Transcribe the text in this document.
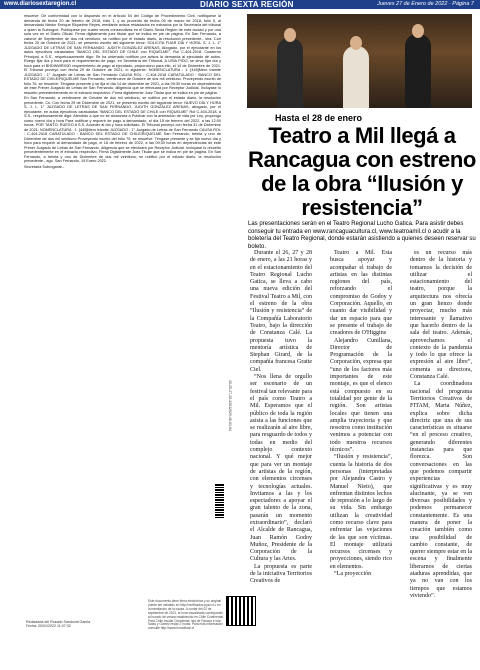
www.diariosextaregion.cl	DIARIO SEXTA REGIÓN	Jueves 27 de Enero de 2022 · Página 7

resuelve: De conformidad con lo dispuesto en el artículo 54 del Código de Procedimiento Civil, notifíquese la demanda de fecha 20 de febrero de 2018, folio 1, y su proveído de fecha 05 de marzo de 2018, folio 5, al demandado Néstor Enrique Riquelme Reyes, mediante avisos redactados en extractos por la Secretaría del tribunal o quien la Subrogue. Publíquese por cuatro veces consecutivas en el Diario Sexta Región de esta ciudad y por una sola vez en el Diario Oficial. Firma digitalmente juez titular que se indica en pie de página. En San Fernando, a catorce de Septiembre de dos mil veintiuno, se notificó por el estado diario, la resolución precedente.- sha. Con fecha 25 de Octubre de 2021, se presentó escrito del siguiente tenor: SOLICITA FIJAR DÍA Y HORA. S. J. L. 1° JUZGADO DE LETRAS DE SAN FERNANDO. JUDITH GONZÁLEZ ARENAS, Abogado, por el ejecutante en los autos ejecutivos caratulados "BANCO DEL ESTADO DE CHILE con RIQUELME", Rol C-404-2018, Cuaderno Principal, a S.S., respetuosamente digo: Se ha ordenado notificar por avisos la demanda al ejecutado de autos. Ruego fijar día y hora para el requerimiento de pago, en Secretaría del Tribunal. A USÍA PIDO, se sirva fijar día y hora para el BHDWWRX0D requerimiento de pago al ejecutado, proporciono para ello, el 14 de Diciembre de 2021. El Tribunal proveyó con fecha 29 de Octubre de 2021, lo siguiente: NOMENCLATURA : 1. [445]Mero trámite JUZGADO : 1° Juzgado de Letras de San Fernando CAUSA ROL : C-404-2018 CARATULADO : BANCO DEL ESTADO DE CHILE/RIQUELME San Fernando, veintinueve de Octubre de dos mil veintiuno. Proveyendo escrito de folio 76, se resuelve: Téngase presente y se fija el día 14 de diciembre de 2021, a las 09:30 horas en dependencias de este Primer Juzgado de Letras de San Fernando, diligencia que se efectuará por Receptor Judicial. Inclúyase lo resuelto precedentemente en el extracto respectivo. Firma digitalmente Juez Titular que se indica en pie de página.

En San Fernando, a veintinueve de Octubre de dos mil veintiuno, se notificó por el estado diario, la resolución precedente. Cs. Con fecha 29 de Diciembre de 2021, se presentó escrito del siguiente tenor: NUEVO DÍA Y HORA S. J. L. 1° JUZGADO DE LETRAS DE SAN FERNANDO. JUDITH GONZÁLEZ ARENAS, abogado, por el ejecutante, en autos ejecutivos caratulados "BANCO DEL ESTADO DE CHILE con RIQUELME" Rol C-404-2018, a S.S., respetuosamente digo: Atendido a que no se alcanzara a Publicar con la antelación de vida por Ley, propongo como nuevo día y hora Para notificar y requerir de pago a demandado, el día 15 de febrero del 2022, a las 12:00 horas. POR TANTO: RUEGO A S.S. Acceder al día y hora solicitado. El Tribunal proveyó con fecha 31 de Diciembre de 2021: NOMENCLATURA : 1. [445]Mero trámite JUZGADO : 1° Juzgado de Letras de San Fernando CAUSA ROL : C-404-2018 CARATULADO : BANCO DEL ESTADO DE CHILE/RIQUELME San Fernando, treinta y uno de Diciembre de dos mil veintiuno Proveyendo escrito del folio 79, se resuelve: Téngase presente y se fija nuevo día y hora para requerir al demandado de pago, el 18 de febrero de 2022, a las 09:30 horas en dependencias de este Primer Juzgado de Letras de San Fernando, diligencia que se efectuará por Receptor Judicial. Inclúyase lo resuelto precedentemente en el extracto respectivo. Firma Digitalmente Juez Titular que se indica en pie de página. En San Fernando, a treinta y uno de Diciembre de dos mil veintiuno, se notificó por el estado diario, la resolución precedente.- ago. San Fernando, 19 Enero 2022.

Secretaria Subrogante.-

15-25-27-20-22012029-40-01-04
Redactada del Rosario Sandoval Garcia
Fecha: 20/01/2022 11:07:32
Este documento tiene firma electrónica y su original puede ser validado en http://verificadoc.pjud.cl o en la tramitación de la causa. A contar del 02 de septiembre de 2021, la hora visualizada corresponde al horario de verano establecido en Chile Continental. Para Chile Insular Occidental, Isla de Pascua e Isla Salas y Gómez restar 2 horas. Para más información consulte http://www.horaoficial.cl
Hasta el 28 de enero
Teatro a Mil llegá a Rancagua con estreno de la obra “Ilusión y resistencia”
Las presentaciones serán en el Teatro Regional Lucho Gatica. Para asistir debes conseguir tu entrada en www.rancaguacultura.cl, www.teatroamil.cl o acudir a la boletería del Teatro Regional, donde estarán asistiendo a quienes deseen reservar su boleto.

Durante el 26, 27 y 28 de enero, a las 21 horas y en el estacionamiento del Teatro Regional Lucho Gatica, se lleva a cabo una nueva edición del Festival Teatro a Mil, con el estreno de la obra “Ilusión y resistencia” de la Compañía Laboratorio Teatro, bajo la dirección de Constanza Calé. La propuesta tuvo la mentoría artística de Stephan Girard, de la compañía francesa Gratte Ciel.

“Nos llena de orgullo ser escenario de un festival tan relevante para el país como Teatro a Mil. Esperamos que el público de toda la región asista a las funciones que se realizarán al aire libre, para resguardo de todos y todas en medio del complejo contexto nacional. Y qué mejor que para ver un montaje de artistas de la región, con elementos circenses y tecnologías actuales. Invitamos a las y los espectadores a apoyar el gran talento de la zona, pasarán un momento extraordinario”, declaró el Alcalde de Rancagua, Juan Ramón Godoy Muñoz, Presidente de la Corporación de la Cultura y las Artes.

La propuesta es parte de la iniciativa Territorios Creativos de

Teatro a Mil. Esta busca apoyar y acompañar el trabajo de artistas en las distintas regiones del país, reforzando el compromiso de Godoy y Corporación. Aquello, en cuanto dar visibilidad y dar un espacio para que se presente el trabajo de creadores de O'Higgins

Alejandro Cunillana, Director de Programación de la Corporación, expresa que “uno de los factores más importantes de este montaje, es que el elenco está compuesto en su totalidad por gente de la región. Son artistas locales que tienen una amplia trayectoria y que nosotros como institución venimos a potenciar con todo nuestros recursos técnicos”.

“Ilusión y resistencia”, cuenta la historia de dos personas (interpretadas por Alejandra Castro y Manuel Nieto), que enfrentan distintos lechos de represión a lo largo de su vida. Sin embargo utilizan la creatividad como recurso clave para enfrentar las vejaciones de las que son víctimas. El montaje utilizará recursos circenses y proyecciones, siendo rico en elementos.

“La proyección

es un recurso más dentro de la historia y tomamos la decisión de utilizar el estacionamiento del teatro, porque la arquitectura nos ofrecía un gran lienzo donde proyectar, mucho más interesante y llamativo que hacerlo dentro de la sala del teatro. Además, aprovechamos el contexto de la pandemia y todo lo que ofrece la expresión al aire libre”, comenta su directora, Constanza Calé.

La coordinadora nacional del programa Territorios Creativos de FITAM, Marta Núñez, explica sobre dicha directriz que una de sus características es situarse “en el proceso creativo, generando diferentes instancias para que florezca. Son conversaciones en las que podemos compartir experiencias significativas y es muy alucinante, ya se ven diversas posibilidades y podemos permanecer constantemente. Es una manera de poner la creación también como una posibilidad de cambio constante, de querer siempre estar en la escena y finalmente liberarnos de ciertas ataduras aprendidas, que ya no van con los tiempos que estamos viviendo”.
